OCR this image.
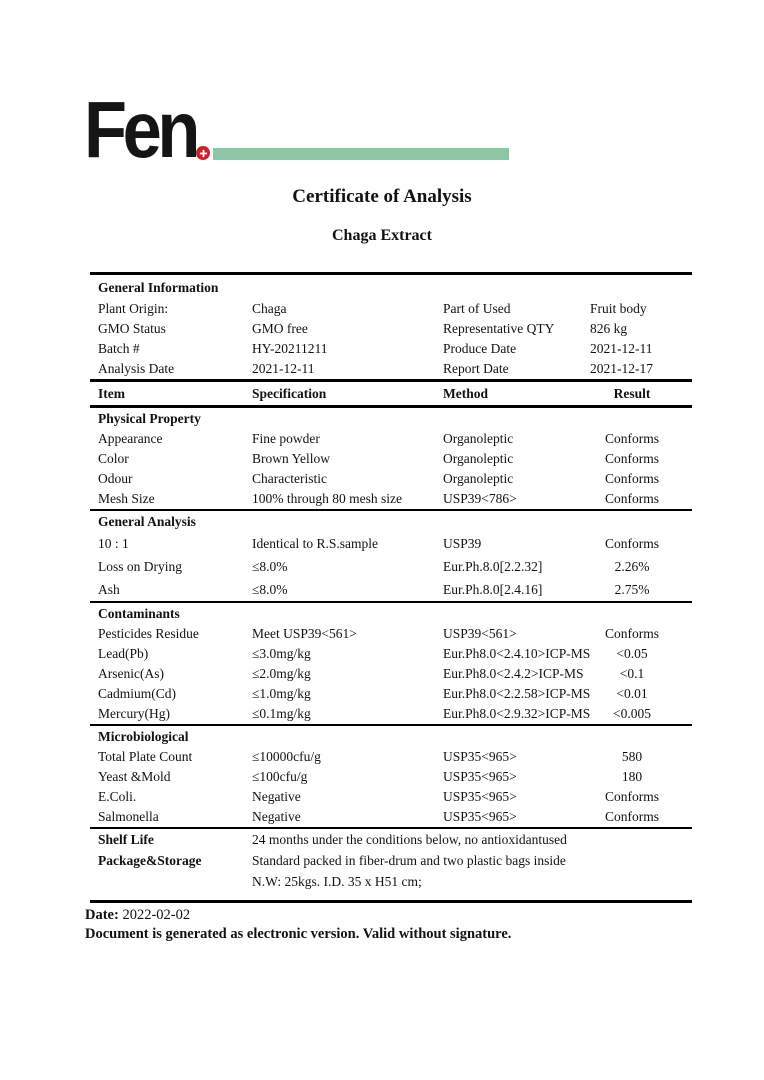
Fen
Certificate of Analysis
Chaga Extract
General Information
Plant Origin:	Chaga	Part of Used	Fruit body
GMO Status	GMO free	Representative QTY	826 kg
Batch #	HY-20211211	Produce Date	2021-12-11
Analysis Date	2021-12-11	Report Date	2021-12-17
Item	Specification	Method	Result
Physical Property
Appearance	Fine powder	Organoleptic	Conforms
Color	Brown Yellow	Organoleptic	Conforms
Odour	Characteristic	Organoleptic	Conforms
Mesh Size	100% through 80 mesh size	USP39<786>	Conforms
General Analysis
10 : 1	Identical to R.S.sample	USP39	Conforms
Loss on Drying	≤8.0%	Eur.Ph.8.0[2.2.32]	2.26%
Ash	≤8.0%	Eur.Ph.8.0[2.4.16]	2.75%
Contaminants
Pesticides Residue	Meet USP39<561>	USP39<561>	Conforms
Lead(Pb)	≤3.0mg/kg	Eur.Ph8.0<2.4.10>ICP-MS	<0.05
Arsenic(As)	≤2.0mg/kg	Eur.Ph8.0<2.4.2>ICP-MS	<0.1
Cadmium(Cd)	≤1.0mg/kg	Eur.Ph8.0<2.2.58>ICP-MS	<0.01
Mercury(Hg)	≤0.1mg/kg	Eur.Ph8.0<2.9.32>ICP-MS	<0.005
Microbiological
Total Plate Count	≤10000cfu/g	USP35<965>	580
Yeast &Mold	≤100cfu/g	USP35<965>	180
E.Coli.	Negative	USP35<965>	Conforms
Salmonella	Negative	USP35<965>	Conforms
Shelf Life	24 months under the conditions below, no antioxidantused
Package&Storage	Standard packed in fiber-drum and two plastic bags inside
N.W: 25kgs. I.D. 35 x H51 cm;
Date: 2022-02-02
Document is generated as electronic version. Valid without signature.
